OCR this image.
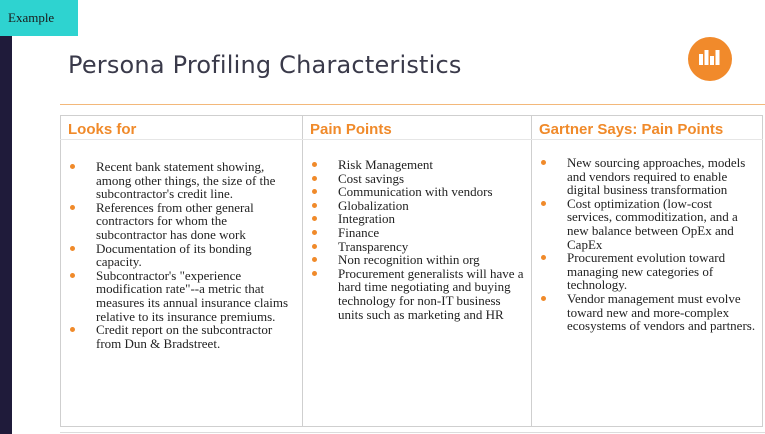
Example
Persona Profiling Characteristics
Looks for
Recent bank statement showing, among other things, the size of the subcontractor's credit line.
References from other general contractors for whom the subcontractor has done work
Documentation of its bonding capacity.
Subcontractor's "experience modification rate"--a metric that measures its annual insurance claims relative to its insurance premiums.
Credit report on the subcontractor from Dun & Bradstreet.
Pain Points
Risk Management
Cost savings
Communication with vendors
Globalization
Integration
Finance
Transparency
Non recognition within org
Procurement generalists will have a hard time negotiating and buying technology for non-IT business units such as marketing and HR
Gartner Says: Pain Points
New sourcing approaches, models and vendors required to enable digital business transformation
Cost optimization (low-cost services, commoditization, and a new balance between OpEx and CapEx
Procurement evolution toward managing new categories of technology.
Vendor management must evolve toward new and more-complex ecosystems of vendors and partners.
